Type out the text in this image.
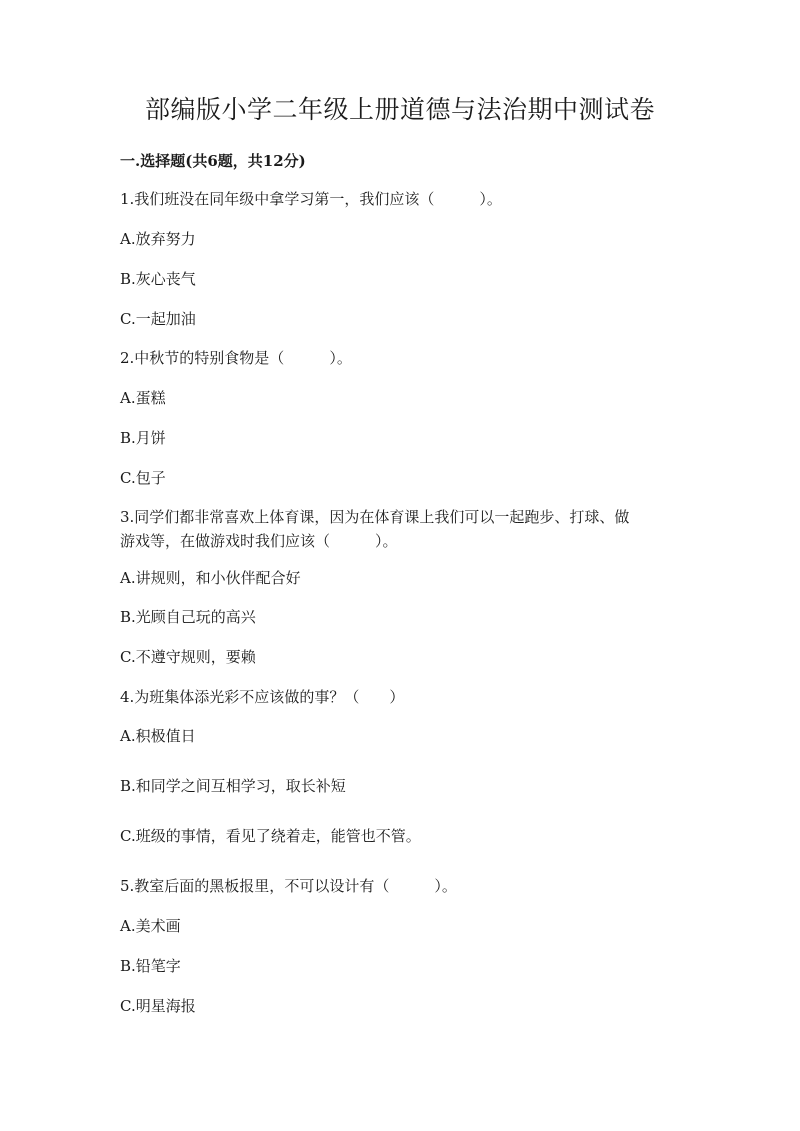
部编版小学二年级上册道德与法治期中测试卷
一.选择题(共6题，共12分)

1.我们班没在同年级中拿学习第一，我们应该（　　　）。

A.放弃努力

B.灰心丧气

C.一起加油

2.中秋节的特别食物是（　　　）。

A.蛋糕

B.月饼

C.包子

3.同学们都非常喜欢上体育课，因为在体育课上我们可以一起跑步、打球、做

游戏等，在做游戏时我们应该（　　　）。

A.讲规则，和小伙伴配合好

B.光顾自己玩的高兴

C.不遵守规则，要赖

4.为班集体添光彩不应该做的事？（　　）

A.积极值日

B.和同学之间互相学习，取长补短

C.班级的事情，看见了绕着走，能管也不管。

5.教室后面的黑板报里，不可以设计有（　　　）。

A.美术画

B.铅笔字

C.明星海报
